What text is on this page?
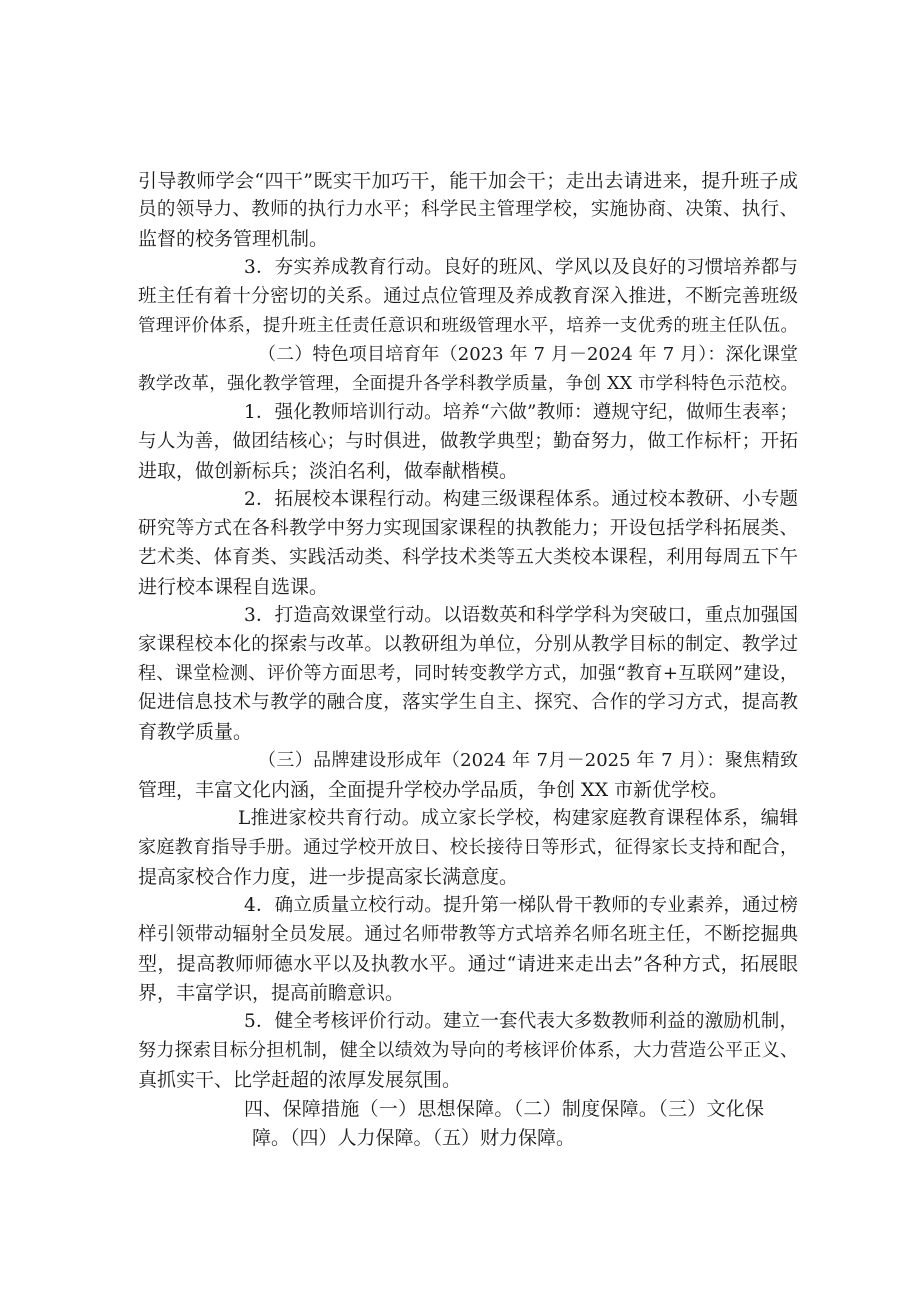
引导教师学会“四干”既实干加巧干，能干加会干；走出去请进来，提升班子成
员的领导力、教师的执行力水平；科学民主管理学校，实施协商、决策、执行、
监督的校务管理机制。
3．夯实养成教育行动。良好的班风、学风以及良好的习惯培养都与
班主任有着十分密切的关系。通过点位管理及养成教育深入推进，不断完善班级
管理评价体系，提升班主任责任意识和班级管理水平，培养一支优秀的班主任队伍。
（二）特色项目培育年（2023 年 7 月－2024 年 7 月）：深化课堂
教学改革，强化教学管理，全面提升各学科教学质量，争创 XX 市学科特色示范校。
1．强化教师培训行动。培养“六做”教师：遵规守纪，做师生表率；
与人为善，做团结核心；与时俱进，做教学典型；勤奋努力，做工作标杆；开拓
进取，做创新标兵；淡泊名利，做奉献楷模。
2．拓展校本课程行动。构建三级课程体系。通过校本教研、小专题
研究等方式在各科教学中努力实现国家课程的执教能力；开设包括学科拓展类、
艺术类、体育类、实践活动类、科学技术类等五大类校本课程，利用每周五下午
进行校本课程自选课。
3．打造高效课堂行动。以语数英和科学学科为突破口，重点加强国
家课程校本化的探索与改革。以教研组为单位，分别从教学目标的制定、教学过
程、课堂检测、评价等方面思考，同时转变教学方式，加强“教育+互联网”建设，
促进信息技术与教学的融合度，落实学生自主、探究、合作的学习方式，提高教
育教学质量。
（三）品牌建设形成年（2024 年 7月－2025 年 7 月）：聚焦精致
管理，丰富文化内涵，全面提升学校办学品质，争创 XX 市新优学校。
L推进家校共育行动。成立家长学校，构建家庭教育课程体系，编辑
家庭教育指导手册。通过学校开放日、校长接待日等形式，征得家长支持和配合，
提高家校合作力度，进一步提高家长满意度。
4．确立质量立校行动。提升第一梯队骨干教师的专业素养，通过榜
样引领带动辐射全员发展。通过名师带教等方式培养名师名班主任，不断挖掘典
型，提高教师师德水平以及执教水平。通过“请进来走出去”各种方式，拓展眼
界，丰富学识，提高前瞻意识。
5．健全考核评价行动。建立一套代表大多数教师利益的激励机制，
努力探索目标分担机制，健全以绩效为导向的考核评价体系，大力营造公平正义、
真抓实干、比学赶超的浓厚发展氛围。
四、保障措施（一）思想保障。（二）制度保障。（三）文化保
障。（四）人力保障。（五）财力保障。
